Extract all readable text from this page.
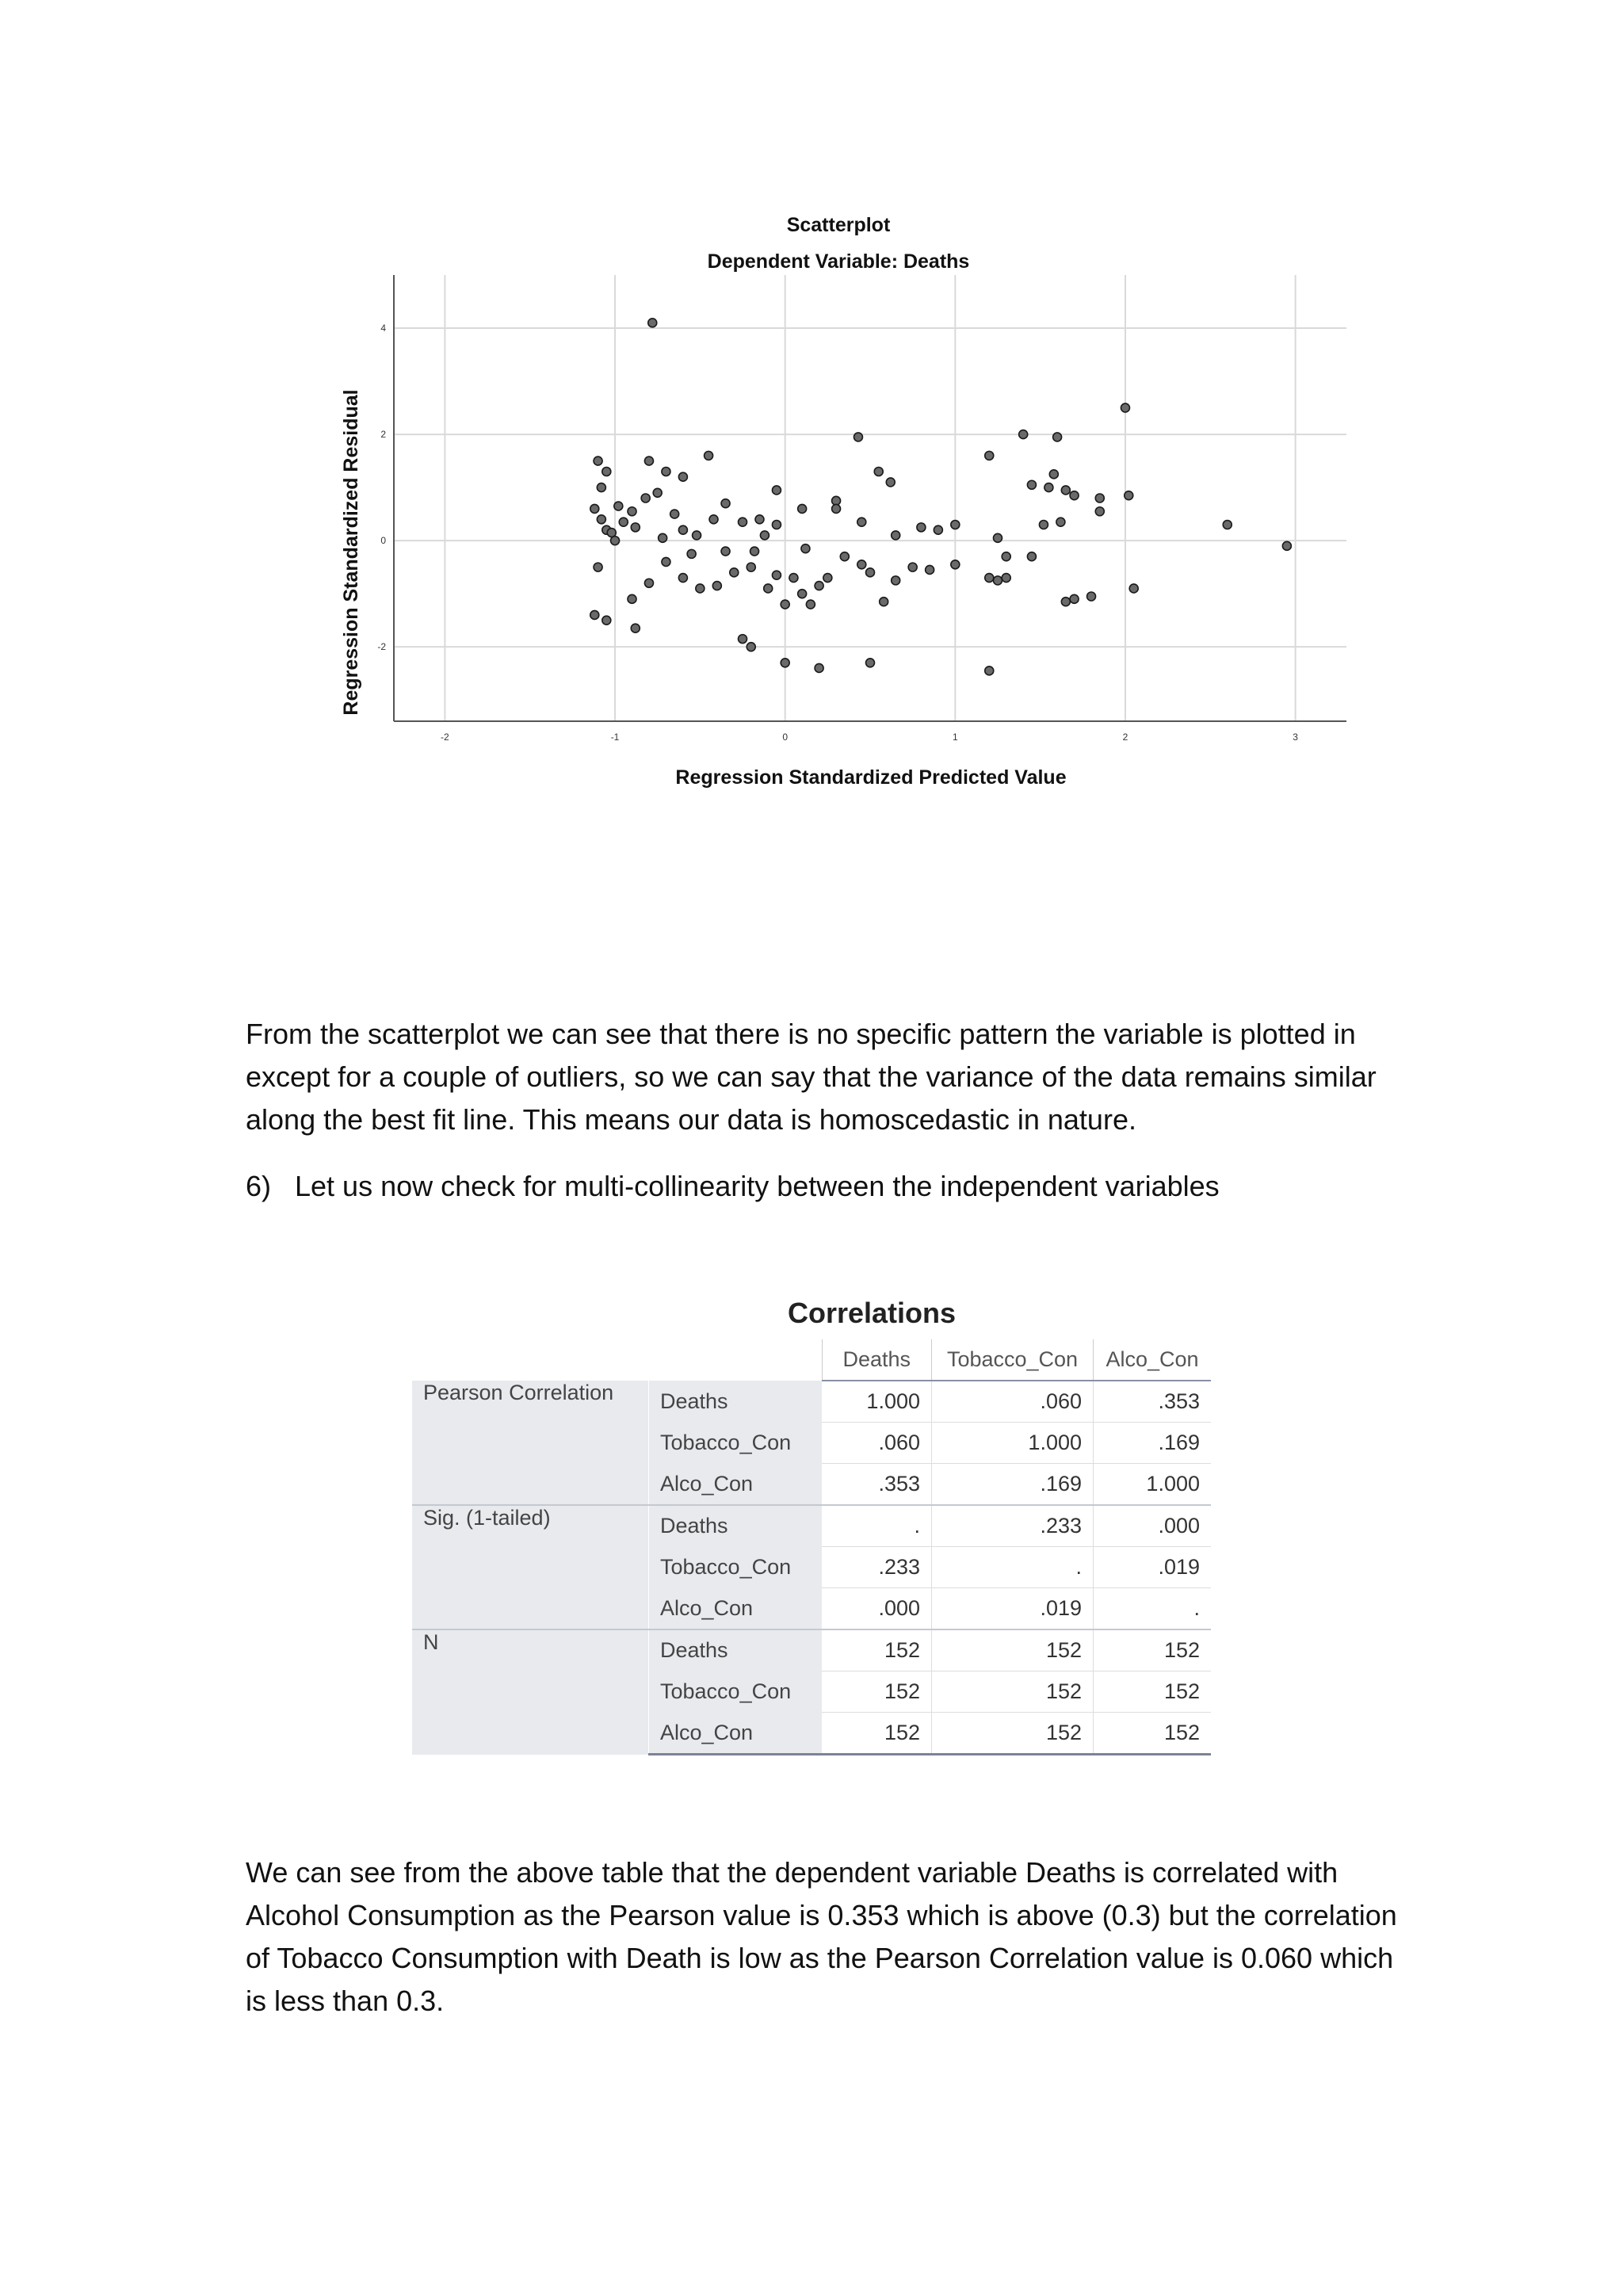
Scatterplot
Dependent Variable: Deaths
Regression Standardized Residual
Regression Standardized Predicted Value
-2	-1	0	1	2	3
-2
0
2
4

From the scatterplot we can see that there is no specific pattern the variable is plotted in except for a couple of outliers, so we can say that the variance of the data remains similar along the best fit line. This means our data is homoscedastic in nature.

6) Let us now check for multi-collinearity between the independent variables

Correlations
		Deaths	Tobacco_Con	Alco_Con
Pearson Correlation	Deaths	1.000	.060	.353
	Tobacco_Con	.060	1.000	.169
	Alco_Con	.353	.169	1.000
Sig. (1-tailed)	Deaths	.	.233	.000
	Tobacco_Con	.233	.	.019
	Alco_Con	.000	.019	.
N	Deaths	152	152	152
	Tobacco_Con	152	152	152
	Alco_Con	152	152	152

We can see from the above table that the dependent variable Deaths is correlated with Alcohol Consumption as the Pearson value is 0.353 which is above (0.3) but the correlation of Tobacco Consumption with Death is low as the Pearson Correlation value is 0.060 which is less than 0.3.
